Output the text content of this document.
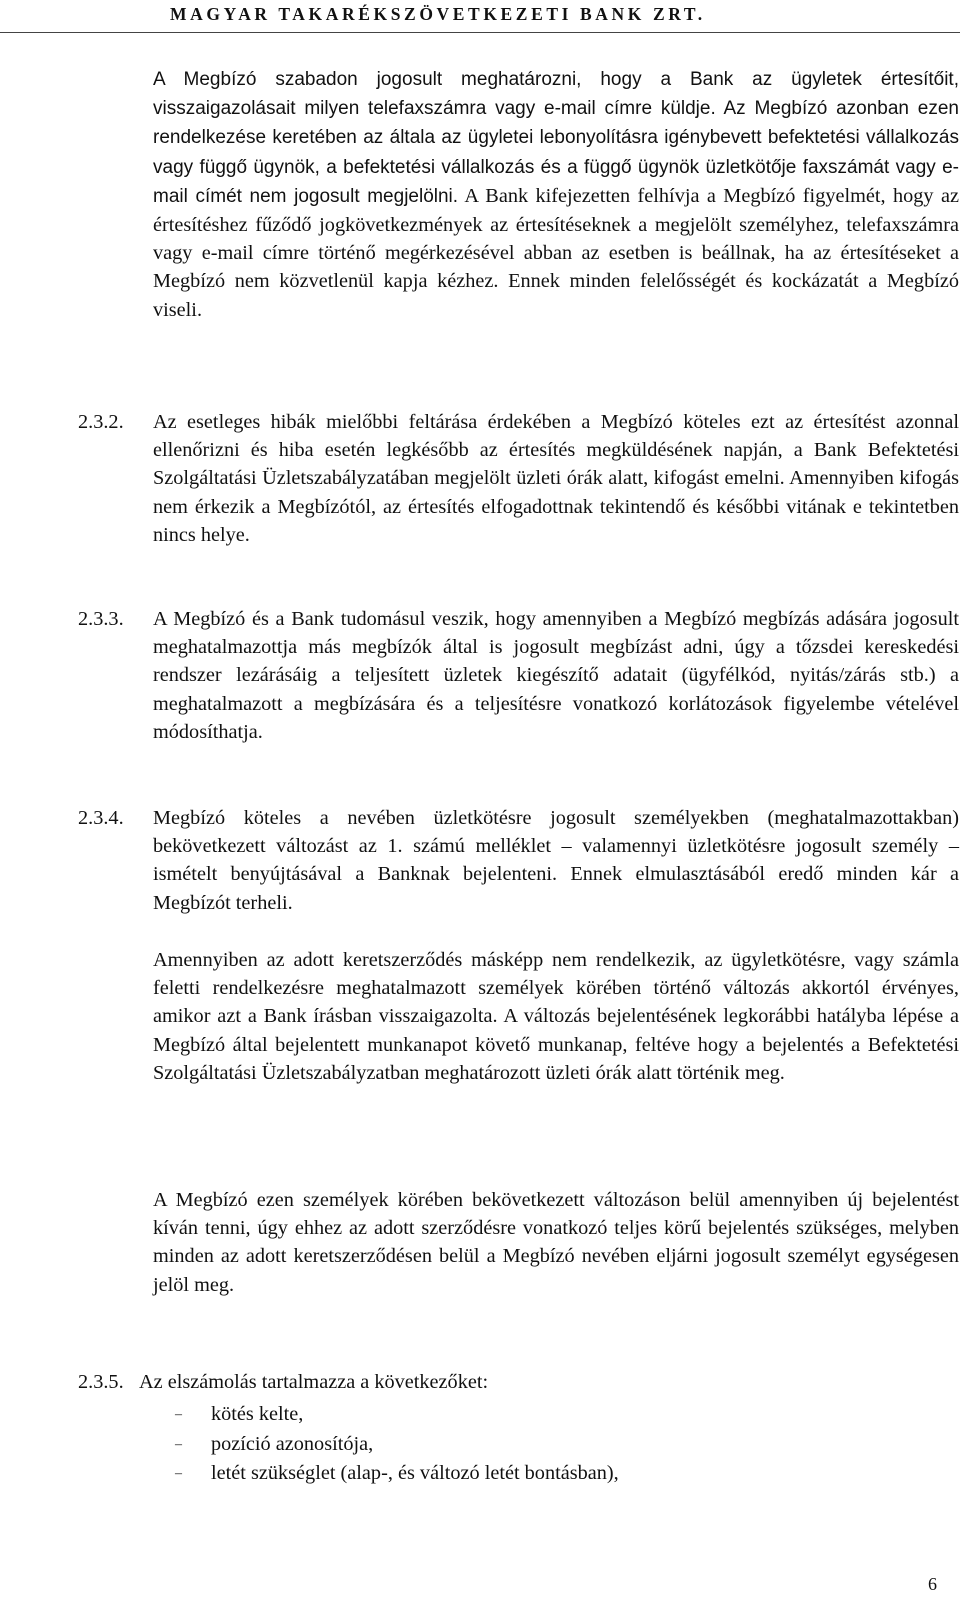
MAGYAR TAKARÉKSZÖVETKEZETI BANK ZRT.

A Megbízó szabadon jogosult meghatározni, hogy a Bank az ügyletek értesítőit, visszaigazolásait milyen telefaxszámra vagy e-mail címre küldje. Az Megbízó azonban ezen rendelkezése keretében az általa az ügyletei lebonyolításra igénybevett befektetési vállalkozás vagy függő ügynök, a befektetési vállalkozás és a függő ügynök üzletkötője faxszámát vagy e-mail címét nem jogosult megjelölni. A Bank kifejezetten felhívja a Megbízó figyelmét, hogy az értesítéshez fűződő jogkövetkezmények az értesítéseknek a megjelölt személyhez, telefaxszámra vagy e-mail címre történő megérkezésével abban az esetben is beállnak, ha az értesítéseket a Megbízó nem közvetlenül kapja kézhez. Ennek minden felelősségét és kockázatát a Megbízó viseli.

2.3.2. Az esetleges hibák mielőbbi feltárása érdekében a Megbízó köteles ezt az értesítést azonnal ellenőrizni és hiba esetén legkésőbb az értesítés megküldésének napján, a Bank Befektetési Szolgáltatási Üzletszabályzatában megjelölt üzleti órák alatt, kifogást emelni. Amennyiben kifogás nem érkezik a Megbízótól, az értesítés elfogadottnak tekintendő és későbbi vitának e tekintetben nincs helye.

2.3.3. A Megbízó és a Bank tudomásul veszik, hogy amennyiben a Megbízó megbízás adására jogosult meghatalmazottja más megbízók által is jogosult megbízást adni, úgy a tőzsdei kereskedési rendszer lezárásáig a teljesített üzletek kiegészítő adatait (ügyfélkód, nyitás/zárás stb.) a meghatalmazott a megbízására és a teljesítésre vonatkozó korlátozások figyelembe vételével módosíthatja.

2.3.4. Megbízó köteles a nevében üzletkötésre jogosult személyekben (meghatalmazottakban) bekövetkezett változást az 1. számú melléklet – valamennyi üzletkötésre jogosult személy – ismételt benyújtásával a Banknak bejelenteni. Ennek elmulasztásából eredő minden kár a Megbízót terheli.

Amennyiben az adott keretszerződés másképp nem rendelkezik, az ügyletkötésre, vagy számla feletti rendelkezésre meghatalmazott személyek körében történő változás akkortól érvényes, amikor azt a Bank írásban visszaigazolta. A változás bejelentésének legkorábbi hatályba lépése a Megbízó által bejelentett munkanapot követő munkanap, feltéve hogy a bejelentés a Befektetési Szolgáltatási Üzletszabályzatban meghatározott üzleti órák alatt történik meg.

A Megbízó ezen személyek körében bekövetkezett változáson belül amennyiben új bejelentést kíván tenni, úgy ehhez az adott szerződésre vonatkozó teljes körű bejelentés szükséges, melyben minden az adott keretszerződésen belül a Megbízó nevében eljárni jogosult személyt egységesen jelöl meg.

2.3.5. Az elszámolás tartalmazza a következőket:

–	kötés kelte,
–	pozíció azonosítója,
–	letét szükséglet (alap-, és változó letét bontásban),
6
